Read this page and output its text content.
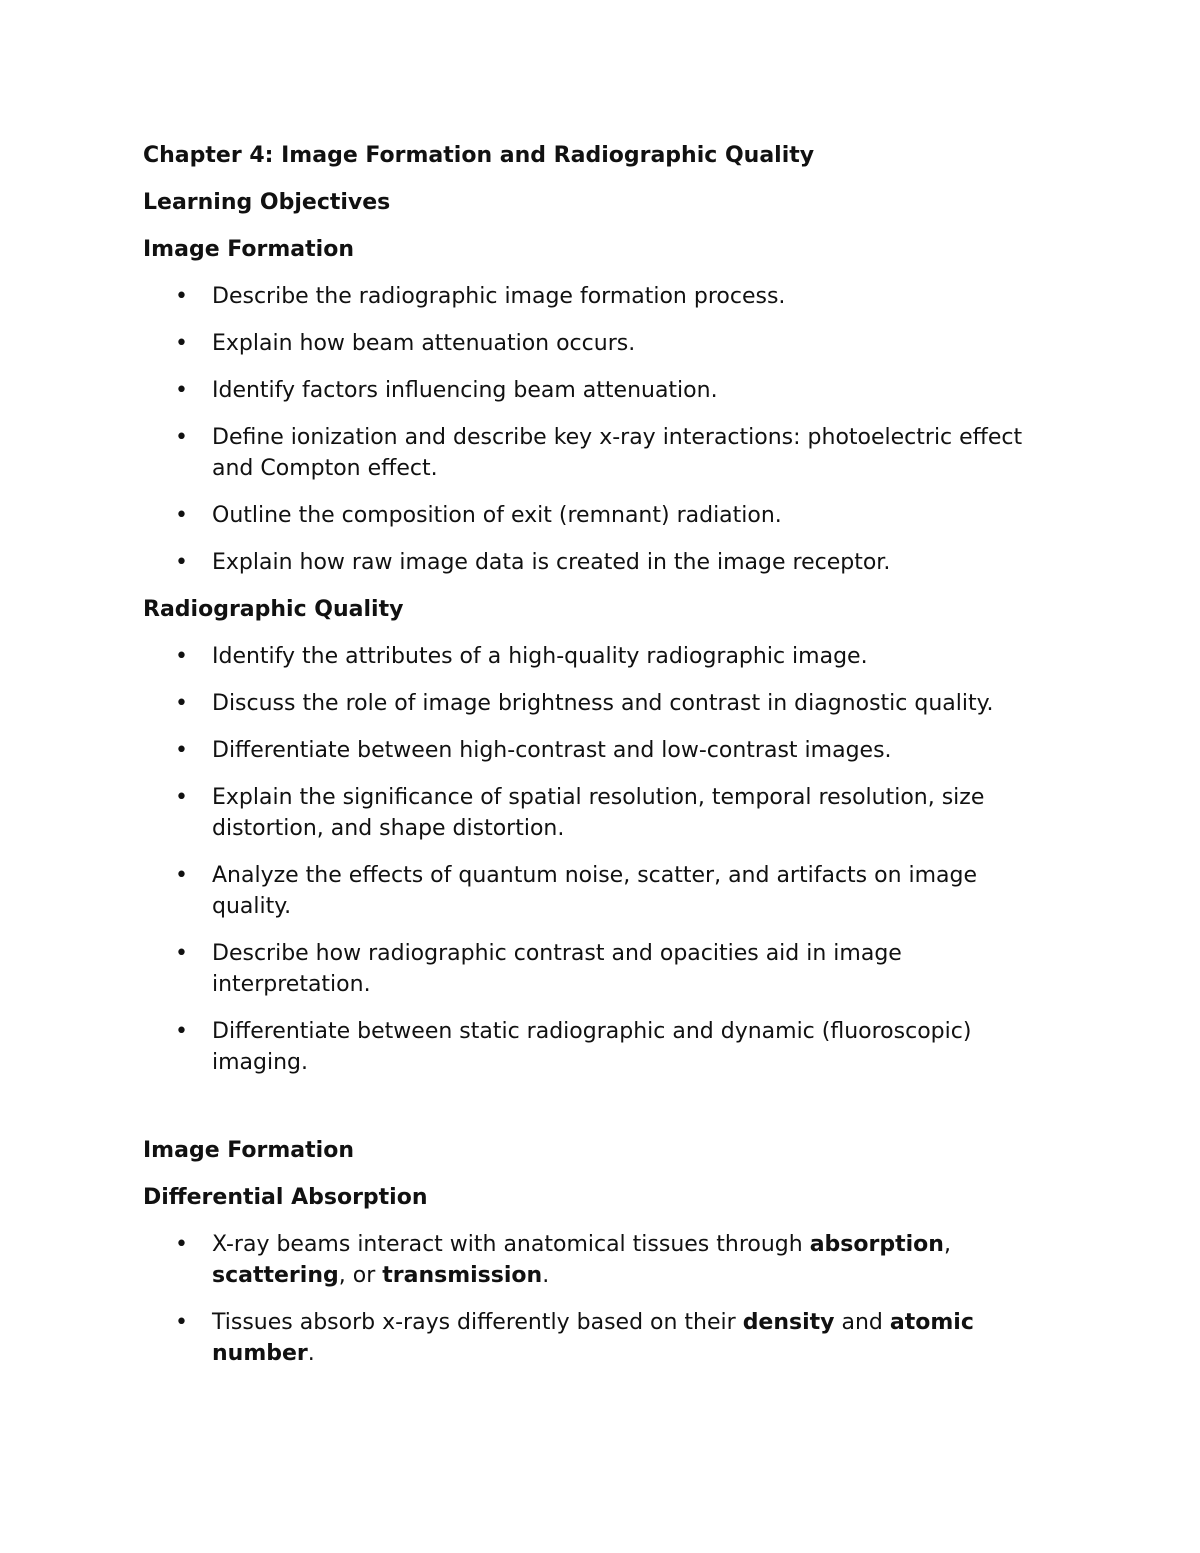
Chapter 4: Image Formation and Radiographic Quality
Learning Objectives
Image Formation
• Describe the radiographic image formation process.
• Explain how beam attenuation occurs.
• Identify factors influencing beam attenuation.
• Define ionization and describe key x-ray interactions: photoelectric effect and Compton effect.
• Outline the composition of exit (remnant) radiation.
• Explain how raw image data is created in the image receptor.
Radiographic Quality
• Identify the attributes of a high-quality radiographic image.
• Discuss the role of image brightness and contrast in diagnostic quality.
• Differentiate between high-contrast and low-contrast images.
• Explain the significance of spatial resolution, temporal resolution, size distortion, and shape distortion.
• Analyze the effects of quantum noise, scatter, and artifacts on image quality.
• Describe how radiographic contrast and opacities aid in image interpretation.
• Differentiate between static radiographic and dynamic (fluoroscopic) imaging.
Image Formation
Differential Absorption
• X-ray beams interact with anatomical tissues through absorption, scattering, or transmission.
• Tissues absorb x-rays differently based on their density and atomic number.
